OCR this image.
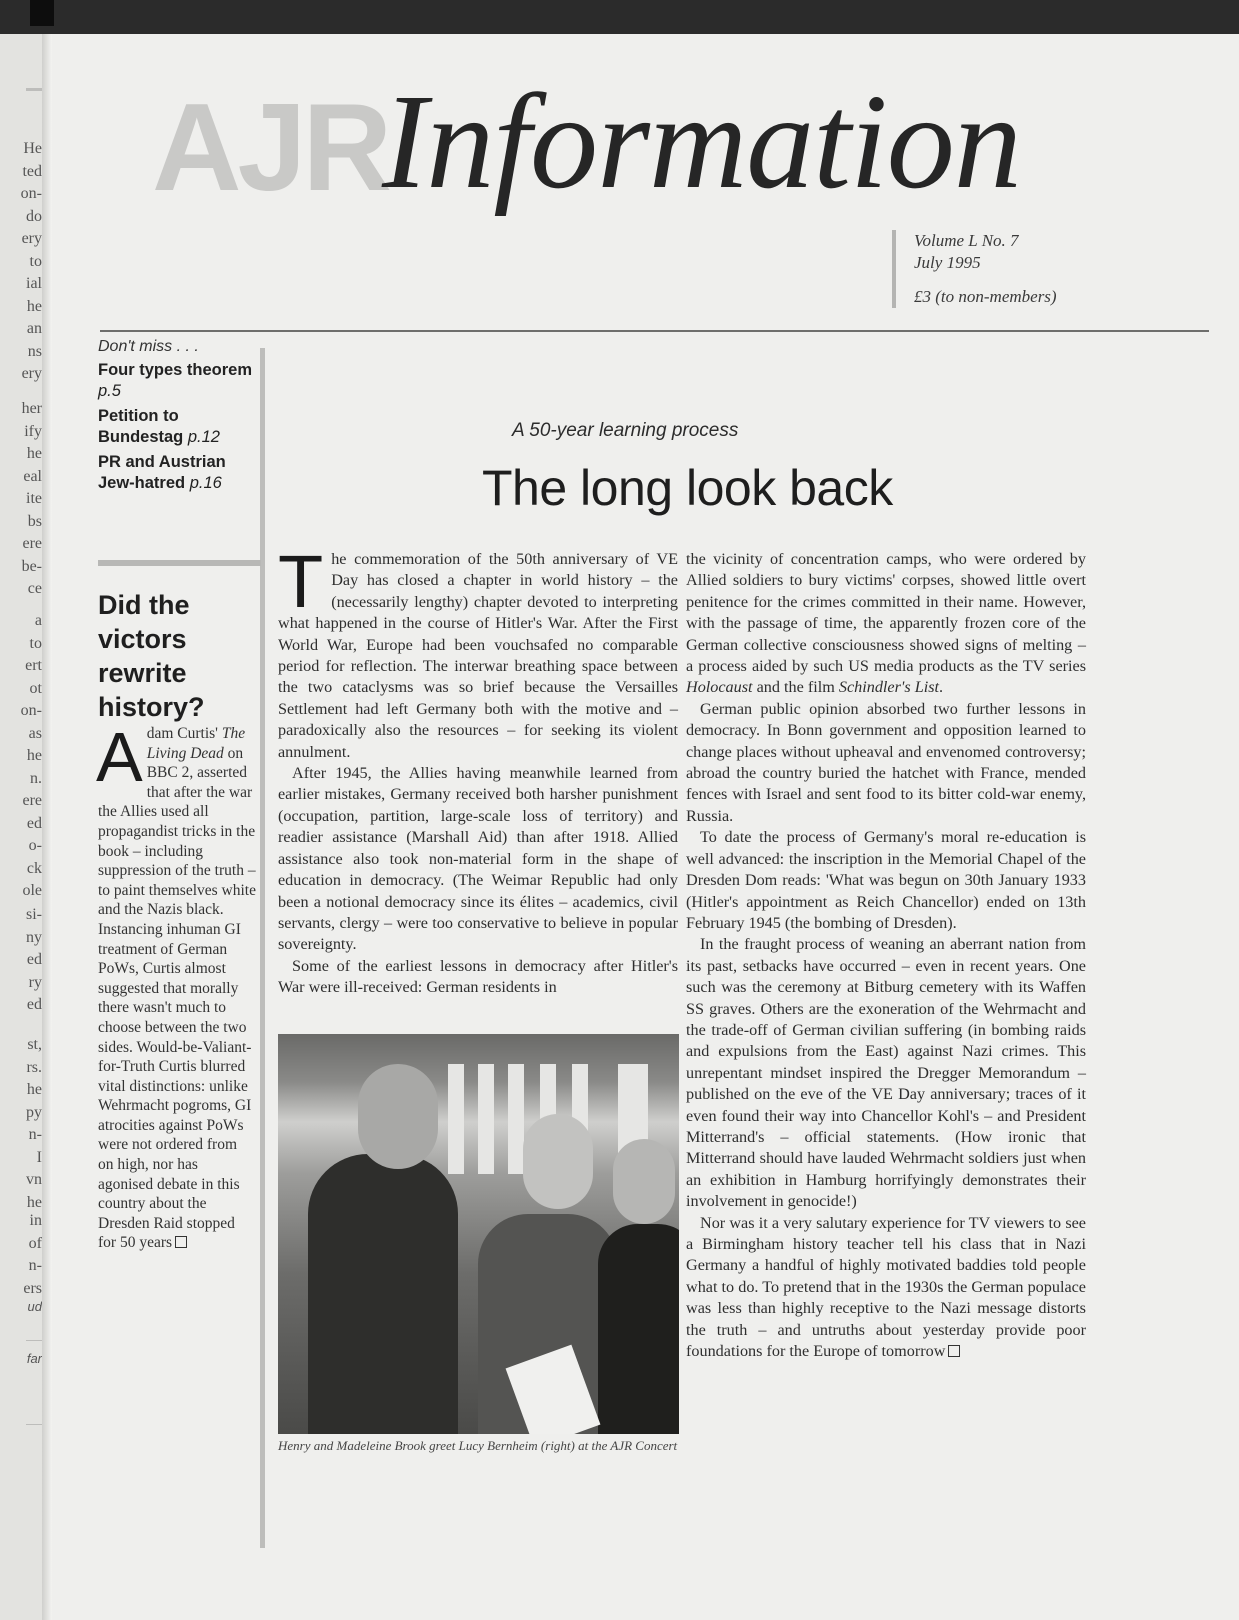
He
ted
on-
do
ery
to
ial
he
an
ns
ery
her
ify
he
eal
ite
bs
ere
be-
ce
a
to
ert
ot
on-
as
he
n.
ere
ed
o-
ck
ole
si-
ny
ed
ry
ed
st,
rs.
he
py
n-
I
vn
he
in
of
n-
ers
ud
far
AJR
Information
Volume L No. 7
July 1995
£3 (to non-members)
Don't miss . . .
Four types theorem p.5
Petition to Bundestag p.12
PR and Austrian Jew-hatred p.16
Did the victors rewrite history?
Adam Curtis' The Living Dead on BBC 2, asserted that after the war the Allies used all propagandist tricks in the book – including suppression of the truth – to paint themselves white and the Nazis black. Instancing inhuman GI treatment of German PoWs, Curtis almost suggested that morally there wasn't much to choose between the two sides. Would-be-Valiant-for-Truth Curtis blurred vital distinctions: unlike Wehrmacht pogroms, GI atrocities against PoWs were not ordered from on high, nor has agonised debate in this country about the Dresden Raid stopped for 50 years
A 50-year learning process
The long look back

The commemoration of the 50th anniversary of VE Day has closed a chapter in world history – the (necessarily lengthy) chapter devoted to interpreting what happened in the course of Hitler's War. After the First World War, Europe had been vouchsafed no comparable period for reflection. The interwar breathing space between the two cataclysms was so brief because the Versailles Settlement had left Germany both with the motive and – paradoxically also the resources – for seeking its violent annulment.

After 1945, the Allies having meanwhile learned from earlier mistakes, Germany received both harsher punishment (occupation, partition, large-scale loss of territory) and readier assistance (Marshall Aid) than after 1918. Allied assistance also took non-material form in the shape of education in democracy. (The Weimar Republic had only been a notional democracy since its élites – academics, civil servants, clergy – were too conservative to believe in popular sovereignty.

Some of the earliest lessons in democracy after Hitler's War were ill-received: German residents in

Henry and Madeleine Brook greet Lucy Bernheim (right) at the AJR Concert

the vicinity of concentration camps, who were ordered by Allied soldiers to bury victims' corpses, showed little overt penitence for the crimes committed in their name. However, with the passage of time, the apparently frozen core of the German collective consciousness showed signs of melting – a process aided by such US media products as the TV series Holocaust and the film Schindler's List.

German public opinion absorbed two further lessons in democracy. In Bonn government and opposition learned to change places without upheaval and envenomed controversy; abroad the country buried the hatchet with France, mended fences with Israel and sent food to its bitter cold-war enemy, Russia.

To date the process of Germany's moral re-education is well advanced: the inscription in the Memorial Chapel of the Dresden Dom reads: 'What was begun on 30th January 1933 (Hitler's appointment as Reich Chancellor) ended on 13th February 1945 (the bombing of Dresden).

In the fraught process of weaning an aberrant nation from its past, setbacks have occurred – even in recent years. One such was the ceremony at Bitburg cemetery with its Waffen SS graves. Others are the exoneration of the Wehrmacht and the trade-off of German civilian suffering (in bombing raids and expulsions from the East) against Nazi crimes. This unrepentant mindset inspired the Dregger Memorandum – published on the eve of the VE Day anniversary; traces of it even found their way into Chancellor Kohl's – and President Mitterrand's – official statements. (How ironic that Mitterrand should have lauded Wehrmacht soldiers just when an exhibition in Hamburg horrifyingly demonstrates their involvement in genocide!)

Nor was it a very salutary experience for TV viewers to see a Birmingham history teacher tell his class that in Nazi Germany a handful of highly motivated baddies told people what to do. To pretend that in the 1930s the German populace was less than highly receptive to the Nazi message distorts the truth – and untruths about yesterday provide poor foundations for the Europe of tomorrow
